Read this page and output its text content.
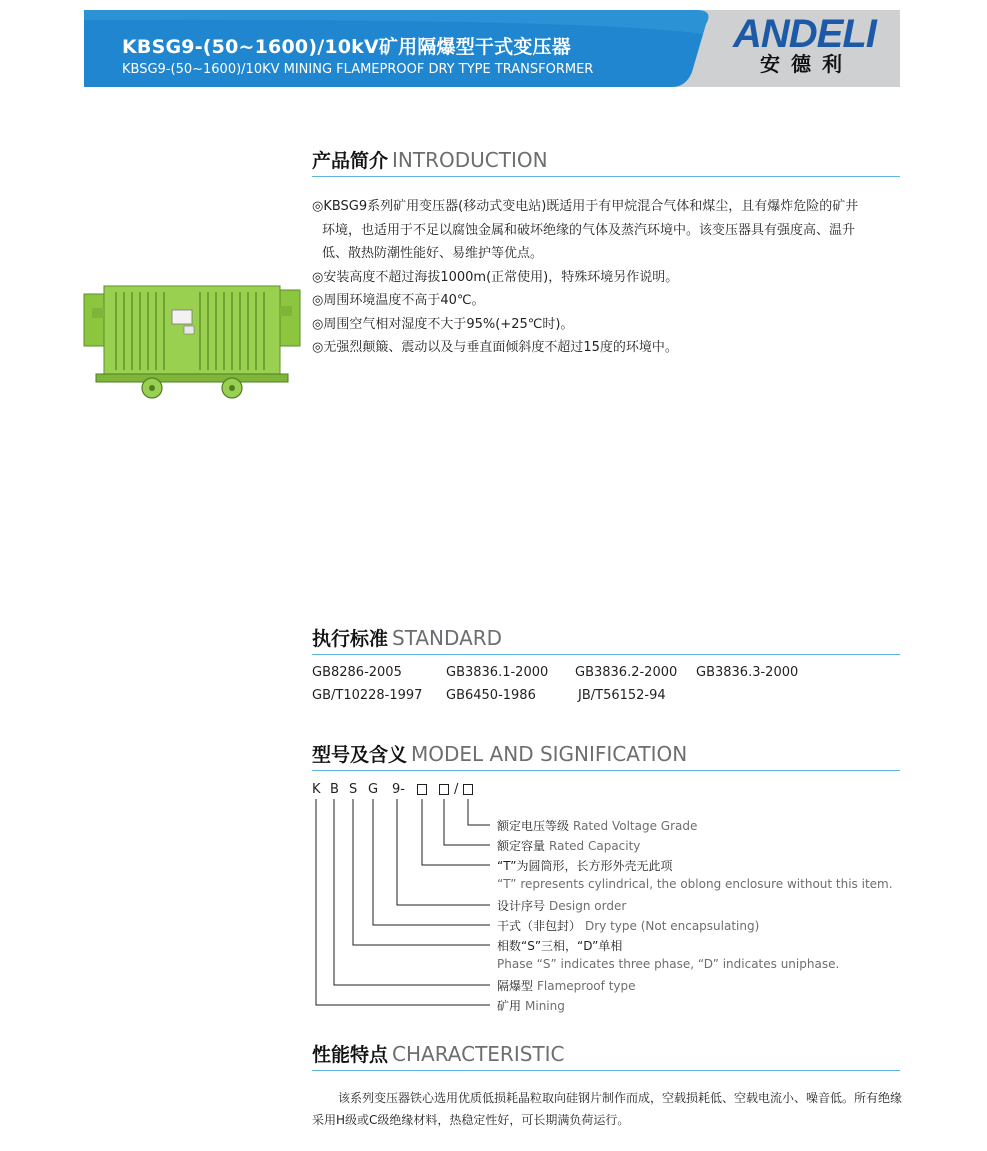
KBSG9-(50~1600)/10kV矿用隔爆型干式变压器
KBSG9-(50~1600)/10KV MINING FLAMEPROOF DRY TYPE TRANSFORMER
ANDELI
安德利
产品简介 INTRODUCTION

◎KBSG9系列矿用变压器(移动式变电站)既适用于有甲烷混合气体和煤尘，且有爆炸危险的矿井

环境，也适用于不足以腐蚀金属和破坏绝缘的气体及蒸汽环境中。该变压器具有强度高、温升

低、散热防潮性能好、易维护等优点。

◎安装高度不超过海拔1000m(正常使用)，特殊环境另作说明。

◎周围环境温度不高于40℃。

◎周围空气相对湿度不大于95%(+25℃时)。

◎无强烈颠簸、震动以及与垂直面倾斜度不超过15度的环境中。

执行标准 STANDARD
GB8286-2005	GB3836.1-2000 GB3836.2-2000 GB3836.3-2000
GB/T10228-1997 GB6450-1986	JB/T56152-94
型号及含义 MODEL AND SIGNIFICATION
K B S G 9-	/
额定电压等级 Rated Voltage Grade
额定容量 Rated Capacity
“T”为圆筒形，长方形外壳无此项
“T” represents cylindrical, the oblong enclosure without this item.
设计序号 Design order
干式（非包封） Dry type (Not encapsulating)
相数“S”三相，“D”单相
Phase “S” indicates three phase, “D” indicates uniphase.
隔爆型 Flameproof type
矿用 Mining
性能特点 CHARACTERISTIC
该系列变压器铁心选用优质低损耗晶粒取向硅钢片制作而成，空载损耗低、空载电流小、噪音低。所有绝缘采用H级或C级绝缘材料，热稳定性好，可长期满负荷运行。
